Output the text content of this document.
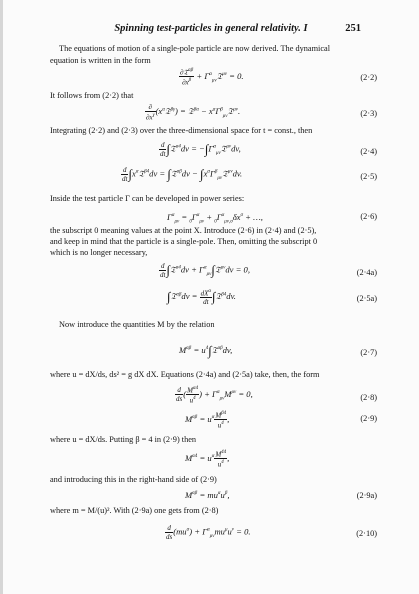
Spinning test-particles in general relativity. I	251
The equations of motion of a single-pole particle are now derived. The dynamical
equation is written in the form
$\frac{\partial 𝔗^{\alpha\beta}}{\partial x^\beta}$ + $\Gamma^\alpha_{\mu\nu}𝔗^{\mu\nu} = 0$.	(2·2)
It follows from (2·2) that
$\frac{\partial}{\partial x^\gamma}$ $(x^\alpha 𝔗^{\beta\gamma})$ = 𝔗$^{\beta\alpha}$ − $x^\alpha\Gamma^\beta_{\mu\nu}𝔗^{\mu\nu}$.	(2·3)
Integrating (2·2) and (2·3) over the three-dimensional space for t = const., then
$\frac{d}{dt}$ ∫𝔗$^{\alpha 4}$dv = $-\int\Gamma^\alpha_{\mu\nu}𝔗^{\mu\nu}dv$,	(2·4)
$\frac{d}{dt}$ $\int x^\alpha 𝔗^{\beta 4}dv$ = ∫𝔗$^{\alpha\beta}$dv − $\int x^\alpha\Gamma^\beta_{\mu\nu}𝔗^{\mu\nu}dv$.	(2·5)
Inside the test particle Γ can be developed in power series:
$\Gamma^\alpha_{\mu\nu} = _0\Gamma^\alpha_{\mu\nu} + _0\Gamma^\alpha_{\mu\nu,\sigma}\delta x^\sigma$ + …,	(2·6)
the subscript 0 meaning values at the point X. Introduce (2·6) in (2·4) and (2·5),
and keep in mind that the particle is a single-pole. Then, omitting the subscript 0
which is no longer necessary,
$\frac{d}{dt}$ ∫𝔗$^{\alpha 4}$dv + $\Gamma^\alpha_{\mu\nu}\int 𝔗^{\mu\nu}dv = 0$,	(2·4a)
∫𝔗$^{\alpha\beta}$dv = $\frac{dX^\alpha}{dt}$ ∫𝔗$^{\beta 4}$dv.	(2·5a)
Now introduce the quantities M by the relation
$M^{\alpha\beta}$ = $u^4\int 𝔗^{\alpha\beta}dv$,	(2·7)
where u = dX/ds, ds² = g dX dX. Equations (2·4a) and (2·5a) take, then, the form
$\frac{d}{ds}$ ( $\frac{M^{\alpha 4}}{u^4}$ ) + $\Gamma^\alpha_{\mu\nu}M^{\mu\nu} = 0$,	(2·8)
$M^{\alpha\beta} = u^\alpha \frac{M^{\beta 4}}{u^4}$ ,	(2·9)
where u = dX/ds. Putting β = 4 in (2·9) then
$M^{\alpha 4} = u^\alpha \frac{M^{44}}{u^4}$ ,
and introducing this in the right-hand side of (2·9)
$M^{\alpha\beta} = mu^\alpha u^\beta$,	(2·9a)
where m = M/(u)². With (2·9a) one gets from (2·8)
$\frac{d}{ds} (mu^\alpha) + \Gamma^\alpha_{\mu\nu}mu^\mu u^\nu = 0$.	(2·10)
